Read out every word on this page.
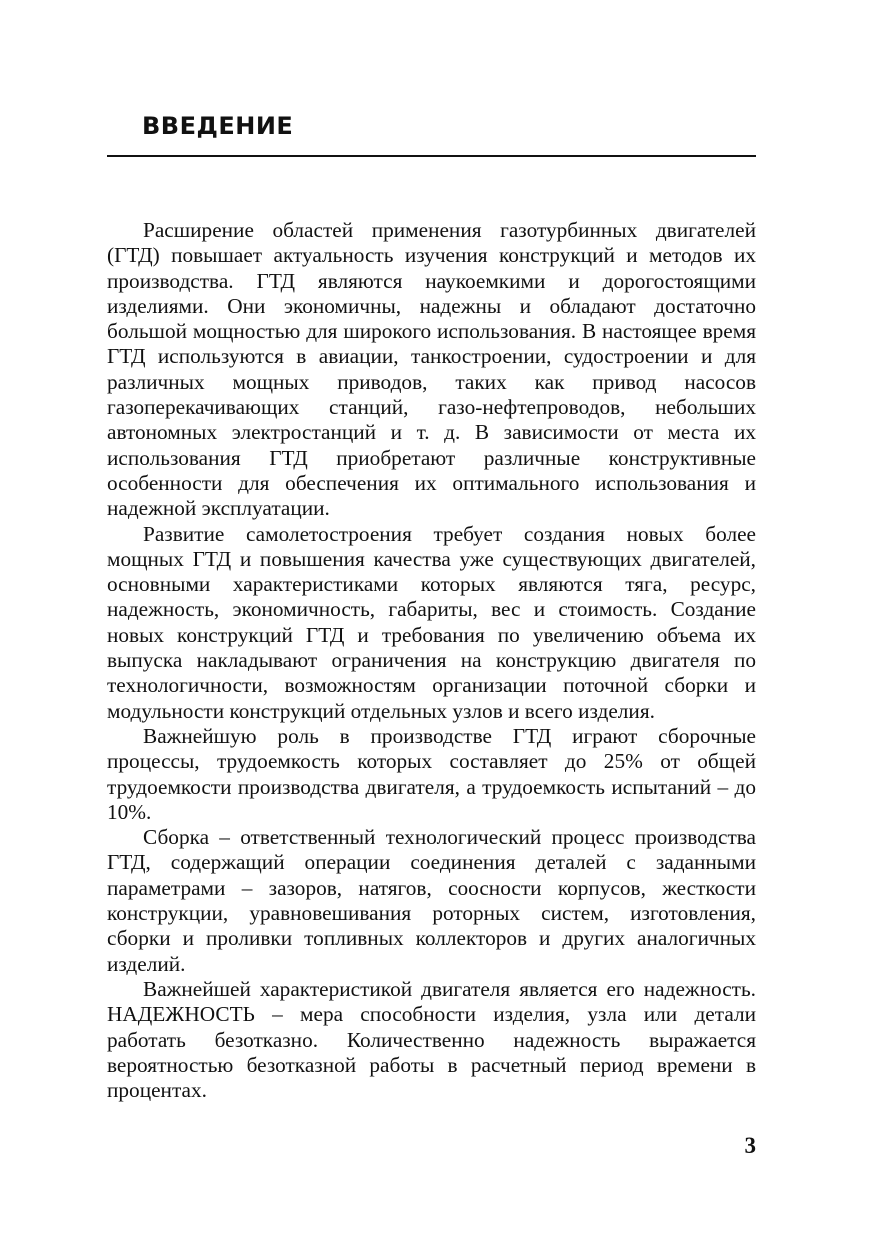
ВВЕДЕНИЕ

Расширение областей применения газотурбинных двигателей (ГТД) повышает актуальность изучения конструкций и методов их производства. ГТД являются наукоемкими и дорогостоящими изделиями. Они экономичны, надежны и обладают достаточно большой мощностью для широкого использования. В настоящее время ГТД используются в авиации, танкостроении, судостроении и для различных мощных приводов, таких как привод насосов газоперекачивающих станций, газо-нефтепроводов, небольших автономных электростанций и т. д. В зависимости от места их использования ГТД приобретают различные конструктивные особенности для обеспечения их оптимального использования и надежной эксплуатации.

Развитие самолетостроения требует создания новых более мощных ГТД и повышения качества уже существующих двигателей, основными характеристиками которых являются тяга, ресурс, надежность, экономичность, габариты, вес и стоимость. Создание новых конструкций ГТД и требования по увеличению объема их выпуска накладывают ограничения на конструкцию двигателя по технологичности, возможностям организации поточной сборки и модульности конструкций отдельных узлов и всего изделия.

Важнейшую роль в производстве ГТД играют сборочные процессы, трудоемкость которых составляет до 25% от общей трудоемкости производства двигателя, а трудоемкость испытаний – до 10%.

Сборка – ответственный технологический процесс производства ГТД, содержащий операции соединения деталей с заданными параметрами – зазоров, натягов, соосности корпусов, жесткости конструкции, уравновешивания роторных систем, изготовления, сборки и проливки топливных коллекторов и других аналогичных изделий.

Важнейшей характеристикой двигателя является его надежность. НАДЕЖНОСТЬ – мера способности изделия, узла или детали работать безотказно. Количественно надежность выражается вероятностью безотказной работы в расчетный период времени в процентах.

3
